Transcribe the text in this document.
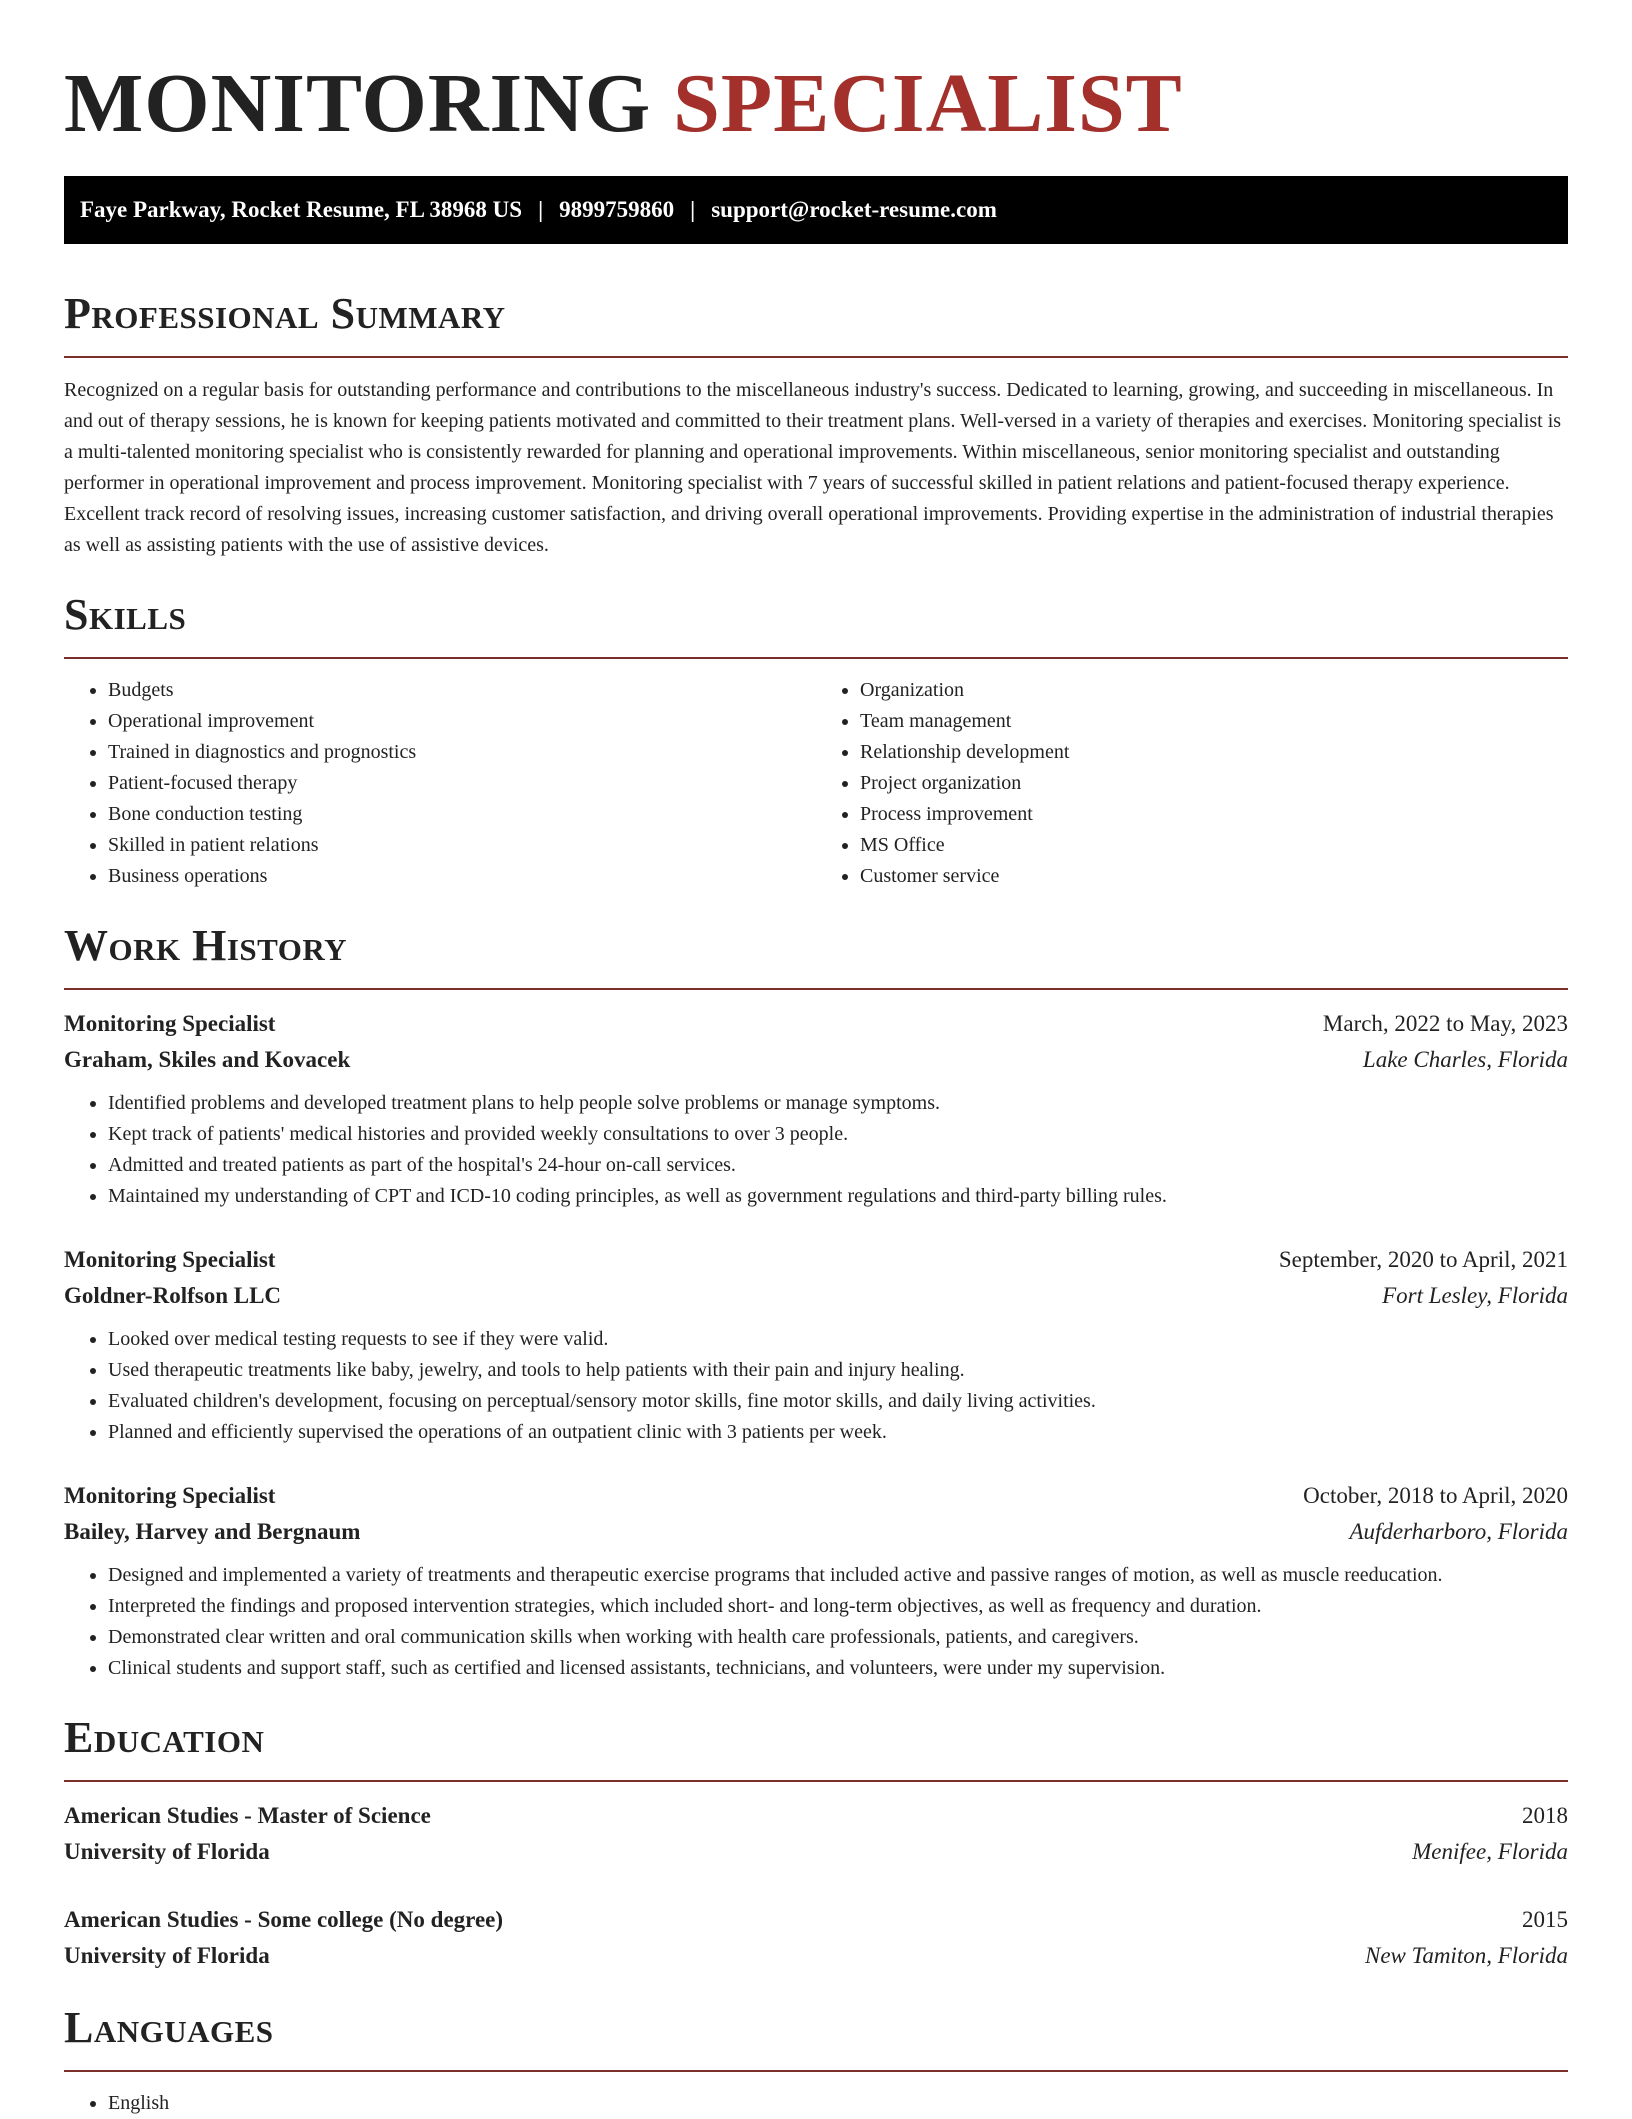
MONITORING SPECIALIST
Faye Parkway, Rocket Resume, FL 38968 US | 9899759860 | support@rocket-resume.com
Professional Summary

Recognized on a regular basis for outstanding performance and contributions to the miscellaneous industry's success. Dedicated to learning, growing, and succeeding in miscellaneous. In and out of therapy sessions, he is known for keeping patients motivated and committed to their treatment plans. Well-versed in a variety of therapies and exercises. Monitoring specialist is a multi-talented monitoring specialist who is consistently rewarded for planning and operational improvements. Within miscellaneous, senior monitoring specialist and outstanding performer in operational improvement and process improvement. Monitoring specialist with 7 years of successful skilled in patient relations and patient-focused therapy experience. Excellent track record of resolving issues, increasing customer satisfaction, and driving overall operational improvements. Providing expertise in the administration of industrial therapies as well as assisting patients with the use of assistive devices.

Skills
• Budgets
• Operational improvement
• Trained in diagnostics and prognostics
• Patient-focused therapy
• Bone conduction testing
• Skilled in patient relations
• Business operations
• Organization
• Team management
• Relationship development
• Project organization
• Process improvement
• MS Office
• Customer service
Work History
Monitoring Specialist	March, 2022 to May, 2023
Graham, Skiles and Kovacek	Lake Charles, Florida
• Identified problems and developed treatment plans to help people solve problems or manage symptoms.
• Kept track of patients' medical histories and provided weekly consultations to over 3 people.
• Admitted and treated patients as part of the hospital's 24-hour on-call services.
• Maintained my understanding of CPT and ICD-10 coding principles, as well as government regulations and third-party billing rules.
Monitoring Specialist	September, 2020 to April, 2021
Goldner-Rolfson LLC	Fort Lesley, Florida
• Looked over medical testing requests to see if they were valid.
• Used therapeutic treatments like baby, jewelry, and tools to help patients with their pain and injury healing.
• Evaluated children's development, focusing on perceptual/sensory motor skills, fine motor skills, and daily living activities.
• Planned and efficiently supervised the operations of an outpatient clinic with 3 patients per week.
Monitoring Specialist	October, 2018 to April, 2020
Bailey, Harvey and Bergnaum	Aufderharboro, Florida
• Designed and implemented a variety of treatments and therapeutic exercise programs that included active and passive ranges of motion, as well as muscle reeducation.
• Interpreted the findings and proposed intervention strategies, which included short- and long-term objectives, as well as frequency and duration.
• Demonstrated clear written and oral communication skills when working with health care professionals, patients, and caregivers.
• Clinical students and support staff, such as certified and licensed assistants, technicians, and volunteers, were under my supervision.
Education
American Studies - Master of Science	2018
University of Florida	Menifee, Florida
American Studies - Some college (No degree)	2015
University of Florida	New Tamiton, Florida
Languages
• English
